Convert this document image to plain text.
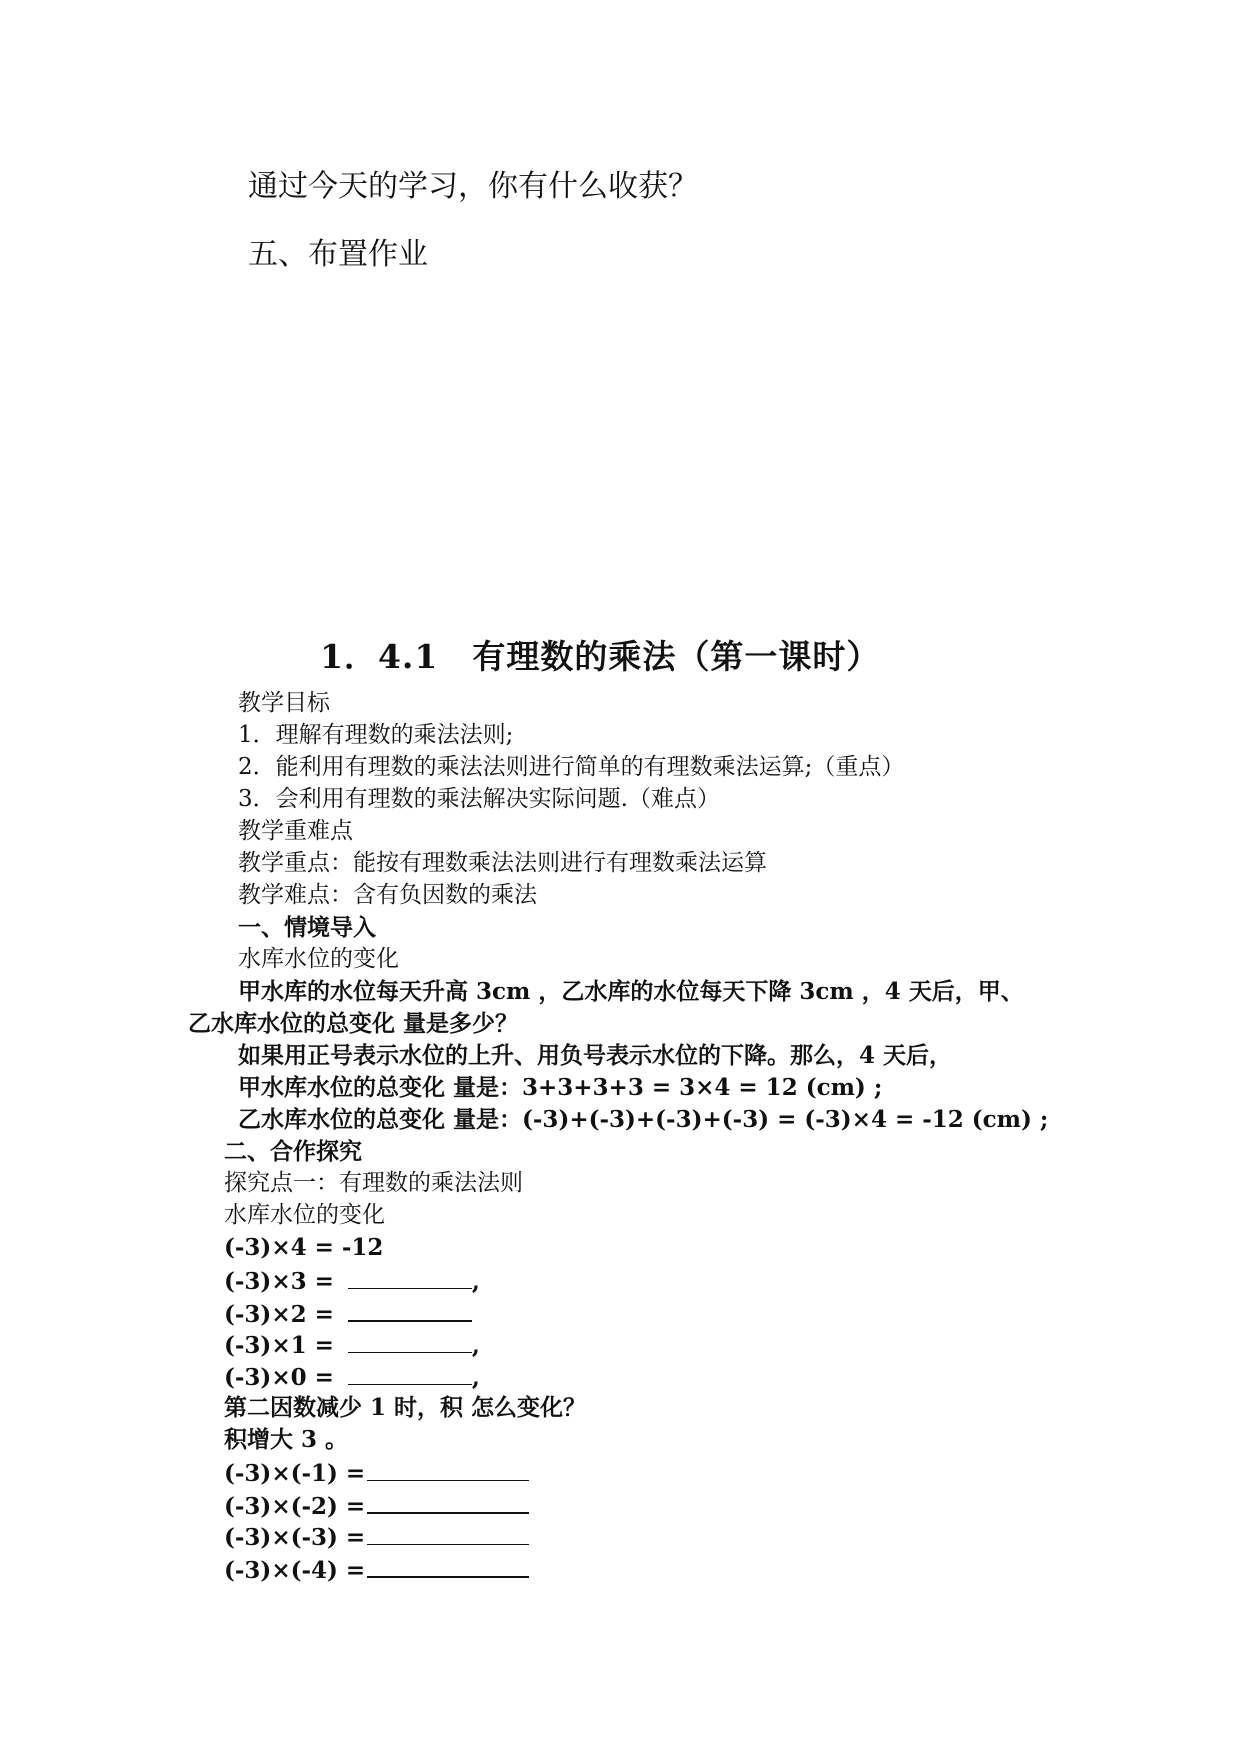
通过今天的学习，你有什么收获？
五、布置作业
1．4.1　有理数的乘法（第一课时）
教学目标
1．理解有理数的乘法法则;
2．能利用有理数的乘法法则进行简单的有理数乘法运算;（重点）
3．会利用有理数的乘法解决实际问题.（难点）
教学重难点
教学重点：能按有理数乘法法则进行有理数乘法运算
教学难点：含有负因数的乘法
一、情境导入
水库水位的变化
甲水库的水位每天升高 3cm ，乙水库的水位每天下降 3cm ，4 天后，甲、
乙水库水位的总变化 量是多少？
如果用正号表示水位的上升、用负号表示水位的下降。那么，4 天后，
甲水库水位的总变化 量是：3+3+3+3 = 3×4 = 12 (cm) ;
乙水库水位的总变化 量是：(-3)+(-3)+(-3)+(-3) = (-3)×4 = -12 (cm) ;
二、合作探究
探究点一：有理数的乘法法则
水库水位的变化
(-3)×4 = -12
(-3)×3 =	,
(-3)×2 =
(-3)×1 =	,
(-3)×0 =	,
第二因数减少 1 时，积 怎么变化？
积增大 3 。
(-3)×(-1) =
(-3)×(-2) =
(-3)×(-3) =
(-3)×(-4) =
